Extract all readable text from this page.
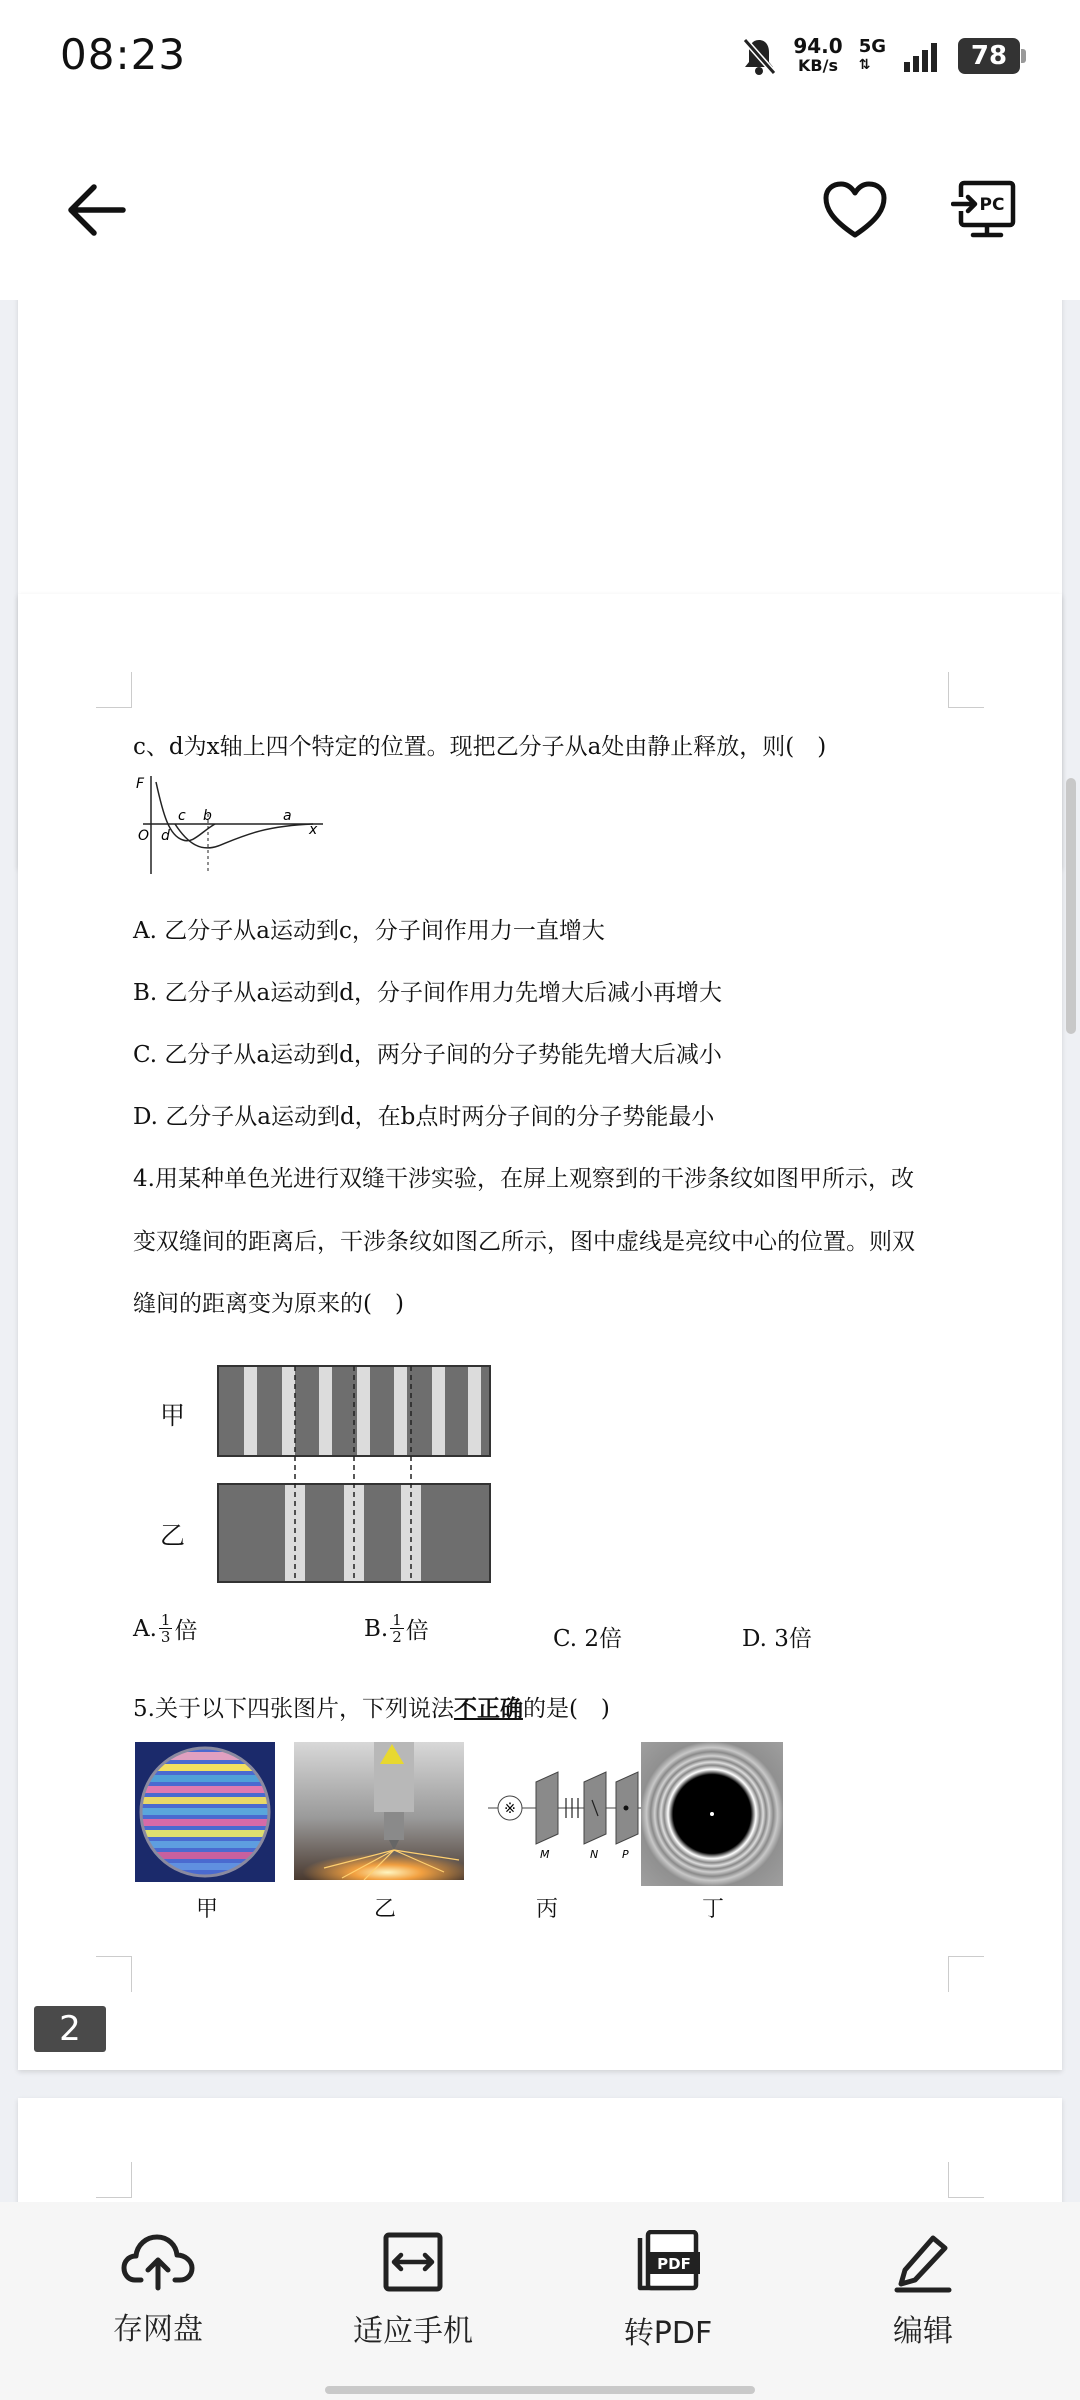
08:23	94.0
KB/s
5G
⇅	78
PC
c、d为x轴上四个特定的位置。现把乙分子从a处由静止释放，则(　)
F
O d
c b	a
x
A. 乙分子从a运动到c，分子间作用力一直增大
B. 乙分子从a运动到d，分子间作用力先增大后减小再增大
C. 乙分子从a运动到d，两分子间的分子势能先增大后减小
D. 乙分子从a运动到d，在b点时两分子间的分子势能最小
4.用某种单色光进行双缝干涉实验，在屏上观察到的干涉条纹如图甲所示，改
变双缝间的距离后，干涉条纹如图乙所示，图中虚线是亮纹中心的位置。则双
缝间的距离变为原来的(　)
甲
乙
A. $\frac{1}{3}$ 倍	B. $\frac{1}{2}$ 倍	C. 2倍	D. 3倍
5.关于以下四张图片，下列说法不正确的是(　)
※
M	N P
甲	乙	丙	丁
2
存网盘	适应手机
PDF
转PDF	编辑
